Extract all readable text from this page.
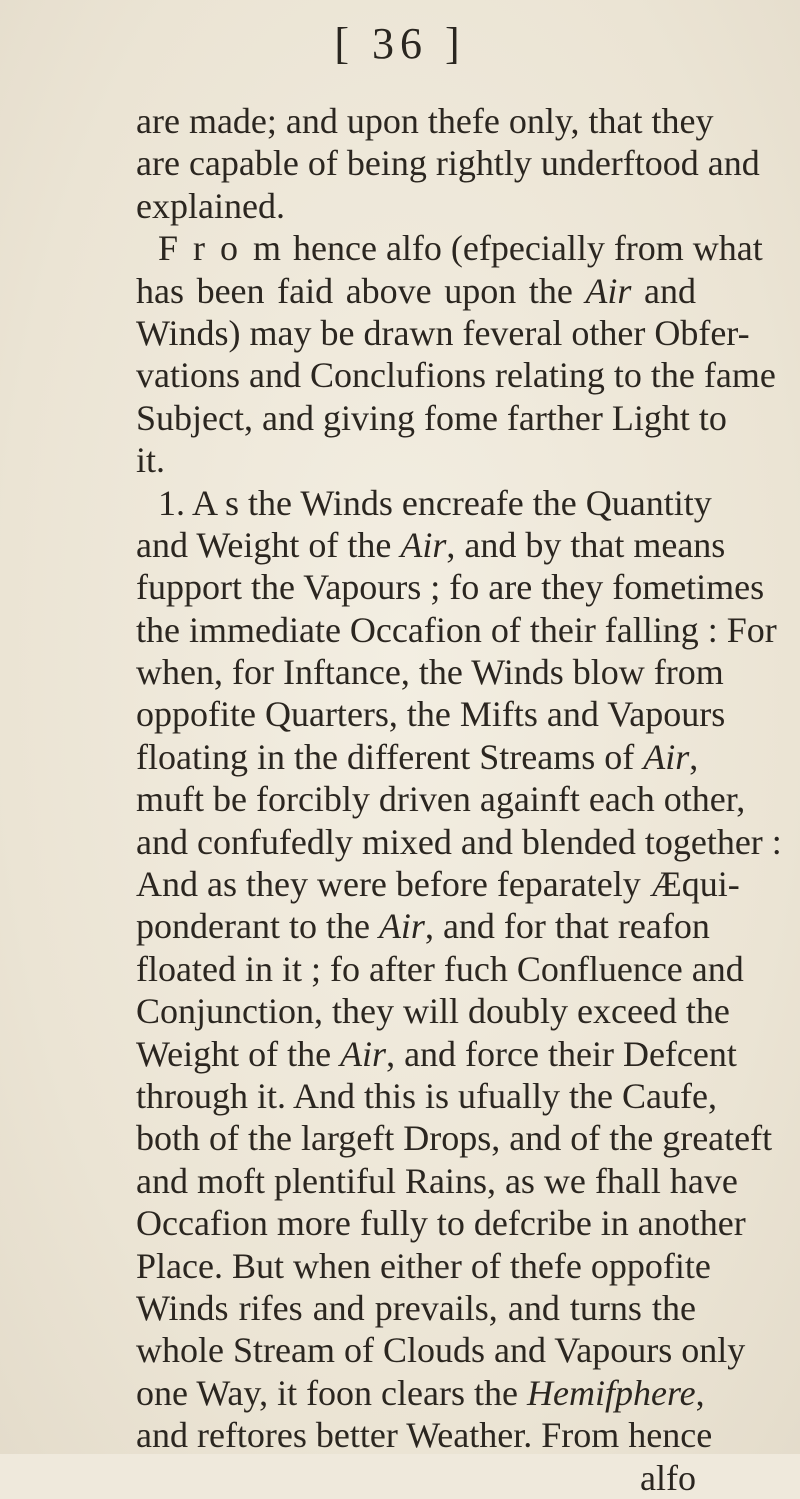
[ 36 ]
are made; and upon thefe only, that they
are capable of being rightly underftood and
explained.
F r o m hence alfo (efpecially from what
has been faid above upon the Air and
Winds) may be drawn feveral other Obfer-
vations and Conclufions relating to the fame
Subject, and giving fome farther Light to
it.
1. A s the Winds encreafe the Quantity
and Weight of the Air, and by that means
fupport the Vapours ; fo are they fometimes
the immediate Occafion of their falling : For
when, for Inftance, the Winds blow from
oppofite Quarters, the Mifts and Vapours
floating in the different Streams of Air,
muft be forcibly driven againft each other,
and confufedly mixed and blended together :
And as they were before feparately Æqui-
ponderant to the Air, and for that reafon
floated in it ; fo after fuch Confluence and
Conjunction, they will doubly exceed the
Weight of the Air, and force their Defcent
through it. And this is ufually the Caufe,
both of the largeft Drops, and of the greateft
and moft plentiful Rains, as we fhall have
Occafion more fully to defcribe in another
Place. But when either of thefe oppofite
Winds rifes and prevails, and turns the
whole Stream of Clouds and Vapours only
one Way, it foon clears the Hemifphere,
and reftores better Weather. From hence
alfo
